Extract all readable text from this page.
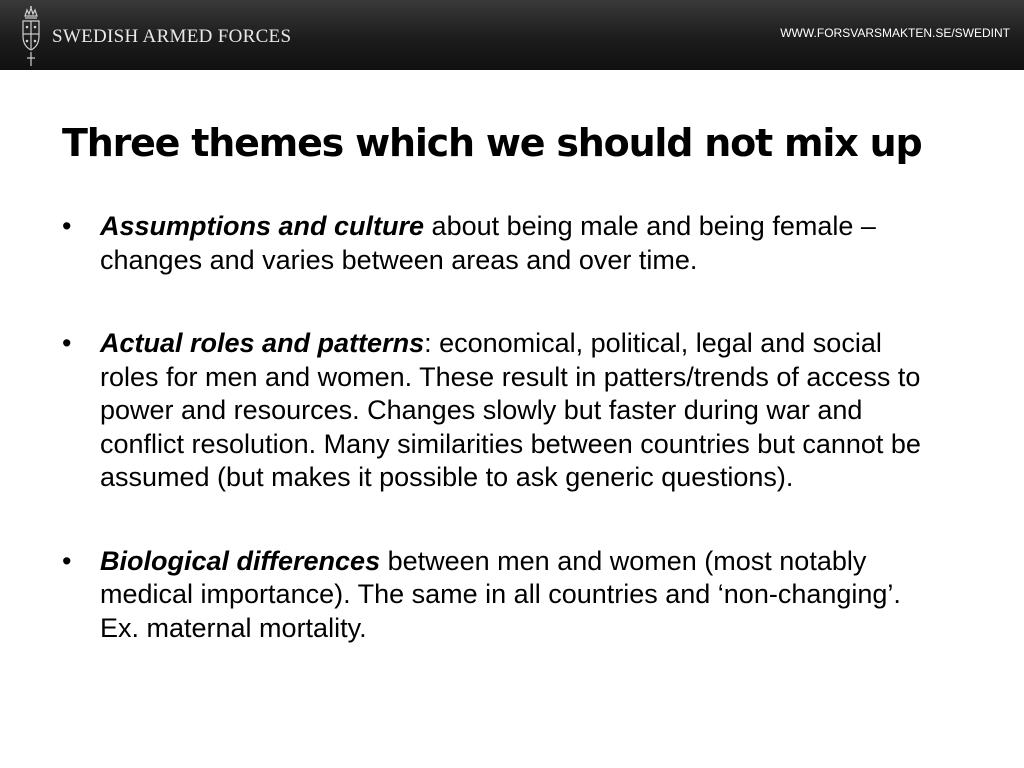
SWEDISH ARMED FORCES	WWW.FORSVARSMAKTEN.SE/SWEDINT
Three themes which we should not mix up
•	Assumptions and culture about being male and being female – changes and varies between areas and over time.
•	Actual roles and patterns: economical, political, legal and social roles for men and women. These result in patters/trends of access to power and resources. Changes slowly but faster during war and conflict resolution. Many similarities between countries but cannot be assumed (but makes it possible to ask generic questions).
•	Biological differences between men and women (most notably medical importance). The same in all countries and ‘non-changing’. Ex. maternal mortality.
